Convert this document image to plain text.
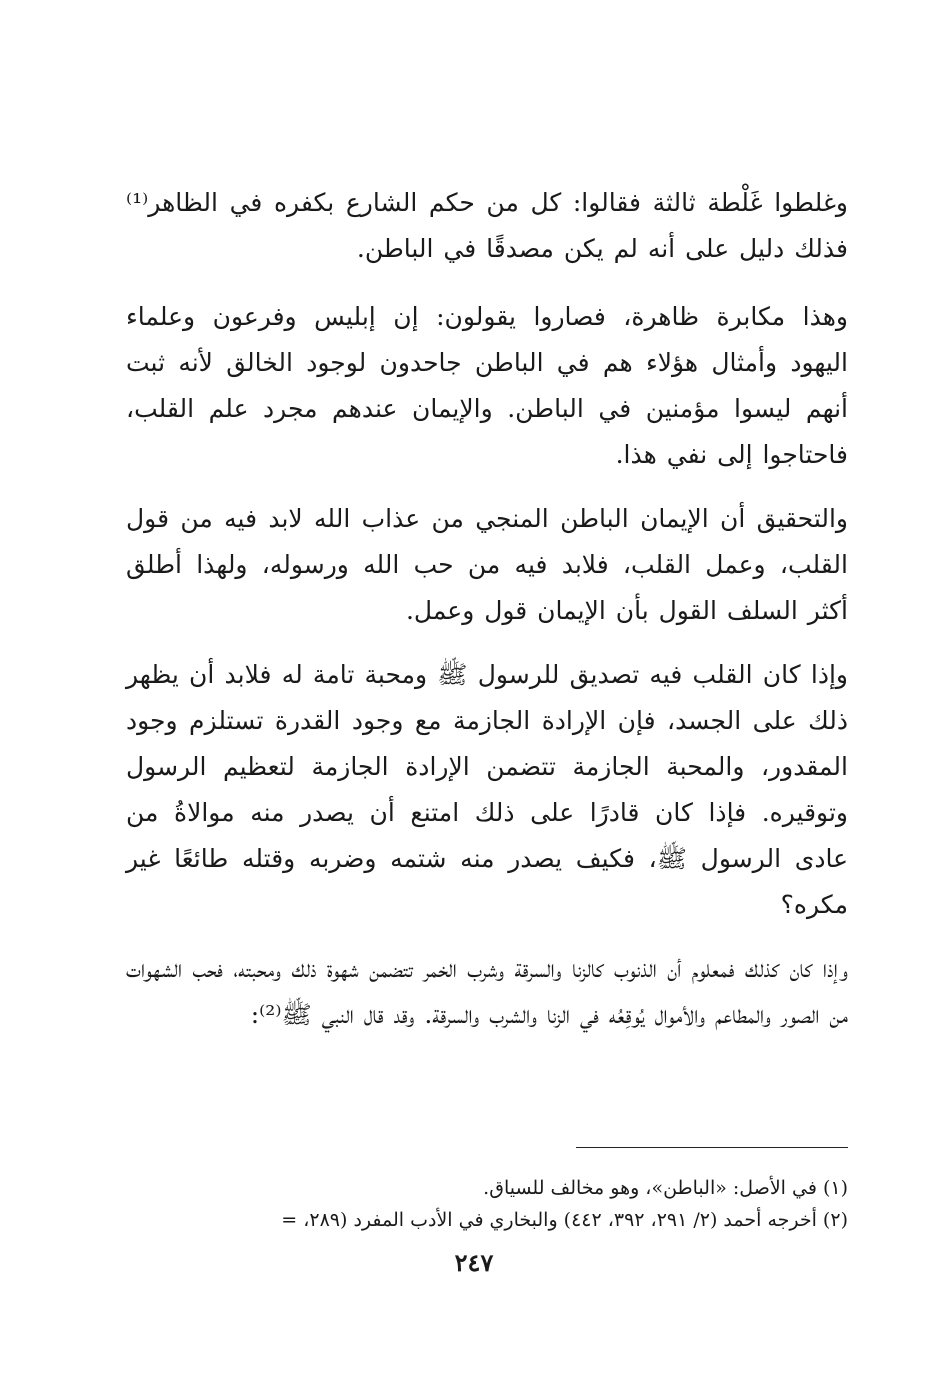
وغلطوا غَلْطة ثالثة فقالوا: كل من حكم الشارع بكفره في الظاهر⁽¹⁾ فذلك دليل على أنه لم يكن مصدقًا في الباطن.

وهذا مكابرة ظاهرة، فصاروا يقولون: إن إبليس وفرعون وعلماء اليهود وأمثال هؤلاء هم في الباطن جاحدون لوجود الخالق لأنه ثبت أنهم ليسوا مؤمنين في الباطن. والإيمان عندهم مجرد علم القلب، فاحتاجوا إلى نفي هذا.

والتحقيق أن الإيمان الباطن المنجي من عذاب الله لابد فيه من قول القلب، وعمل القلب، فلابد فيه من حب الله ورسوله، ولهذا أطلق أكثر السلف القول بأن الإيمان قول وعمل.

وإذا كان القلب فيه تصديق للرسول ﷺ ومحبة تامة له فلابد أن يظهر ذلك على الجسد، فإن الإرادة الجازمة مع وجود القدرة تستلزم وجود المقدور، والمحبة الجازمة تتضمن الإرادة الجازمة لتعظيم الرسول وتوقيره. فإذا كان قادرًا على ذلك امتنع أن يصدر منه موالاةُ من عادى الرسول ﷺ، فكيف يصدر منه شتمه وضربه وقتله طائعًا غير مكره؟

وإذا كان كذلك فمعلوم أن الذنوب كالزنا والسرقة وشرب الخمر تتضمن شهوة ذلك ومحبته، فحب الشهوات من الصور والمطاعم والأموال يُوقِعُه في الزنا والشرب والسرقة. وقد قال النبي ﷺ⁽²⁾:

(١) في الأصل: «الباطن»، وهو مخالف للسياق.

(٢) أخرجه أحمد (٢/ ٢٩١، ٣٩٢، ٤٤٢) والبخاري في الأدب المفرد (٢٨٩، =

٢٤٧
